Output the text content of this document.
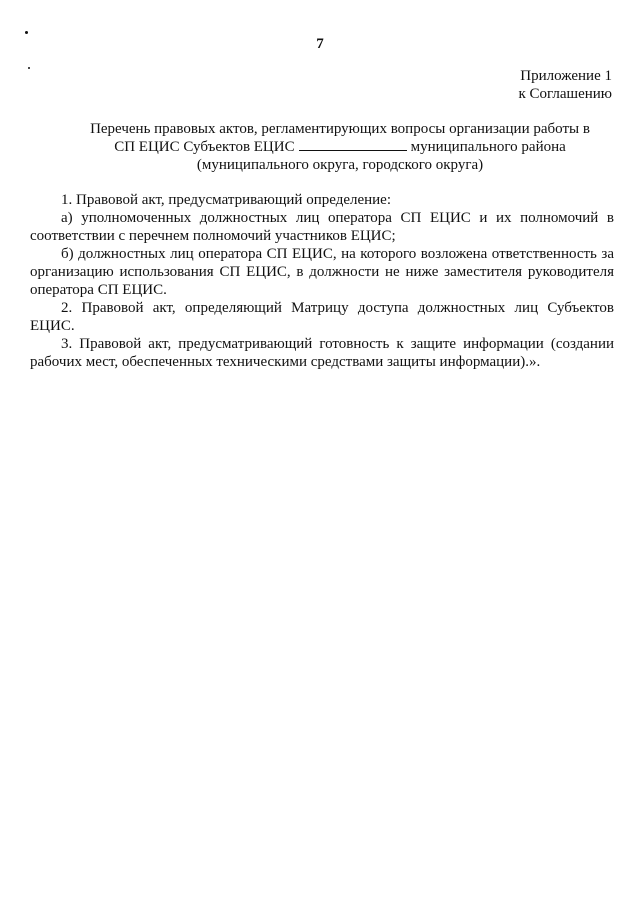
7
Приложение 1
к Соглашению
Перечень правовых актов, регламентирующих вопросы организации работы в
СП ЕЦИС Субъектов ЕЦИС	муниципального района
(муниципального округа, городского округа)

1. Правовой акт, предусматривающий определение:

а) уполномоченных должностных лиц оператора СП ЕЦИС и их полномочий в соответствии с перечнем полномочий участников ЕЦИС;

б) должностных лиц оператора СП ЕЦИС, на которого возложена ответственность за организацию использования СП ЕЦИС, в должности не ниже заместителя руководителя оператора СП ЕЦИС.

2. Правовой акт, определяющий Матрицу доступа должностных лиц Субъектов ЕЦИС.

3. Правовой акт, предусматривающий готовность к защите информации (создании рабочих мест, обеспеченных техническими средствами защиты информации).».
